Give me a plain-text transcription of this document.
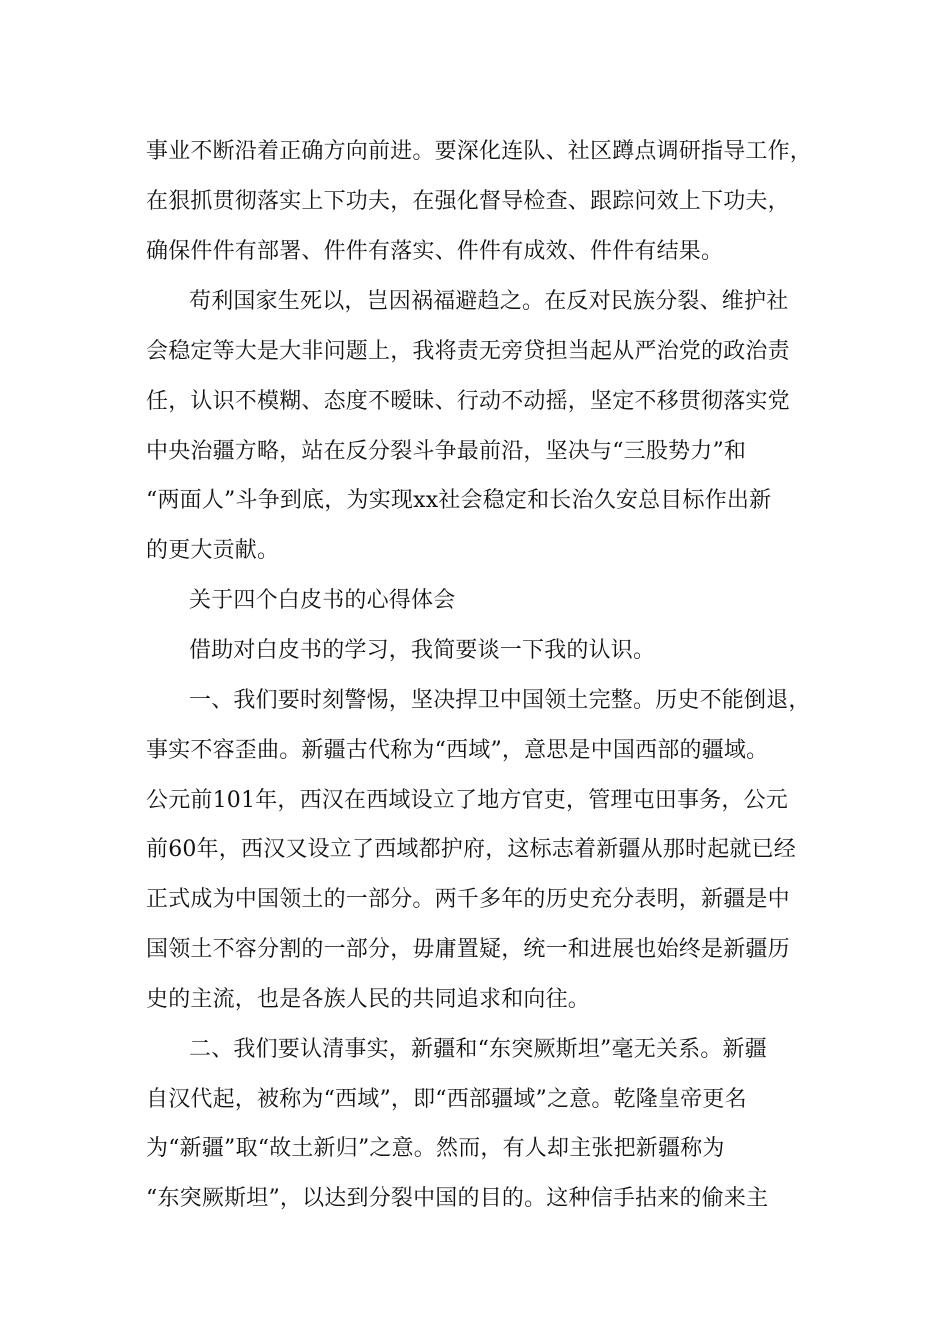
事业不断沿着正确方向前进。要深化连队、社区蹲点调研指导工作，
在狠抓贯彻落实上下功夫，在强化督导检查、跟踪问效上下功夫，
确保件件有部署、件件有落实、件件有成效、件件有结果。
苟利国家生死以，岂因祸福避趋之。在反对民族分裂、维护社
会稳定等大是大非问题上，我将责无旁贷担当起从严治党的政治责
任，认识不模糊、态度不暧昧、行动不动摇，坚定不移贯彻落实党
中央治疆方略，站在反分裂斗争最前沿，坚决与“三股势力”和
“两面人”斗争到底，为实现xx社会稳定和长治久安总目标作出新
的更大贡献。
关于四个白皮书的心得体会
借助对白皮书的学习，我简要谈一下我的认识。
一、我们要时刻警惕，坚决捍卫中国领土完整。历史不能倒退，
事实不容歪曲。新疆古代称为“西域”，意思是中国西部的疆域。
公元前101年，西汉在西域设立了地方官吏，管理屯田事务，公元
前60年，西汉又设立了西域都护府，这标志着新疆从那时起就已经
正式成为中国领土的一部分。两千多年的历史充分表明，新疆是中
国领土不容分割的一部分，毋庸置疑，统一和进展也始终是新疆历
史的主流，也是各族人民的共同追求和向往。
二、我们要认清事实，新疆和“东突厥斯坦”毫无关系。新疆
自汉代起，被称为“西域”，即“西部疆域”之意。乾隆皇帝更名
为“新疆”取“故土新归”之意。然而，有人却主张把新疆称为
“东突厥斯坦”，以达到分裂中国的目的。这种信手拈来的偷来主
